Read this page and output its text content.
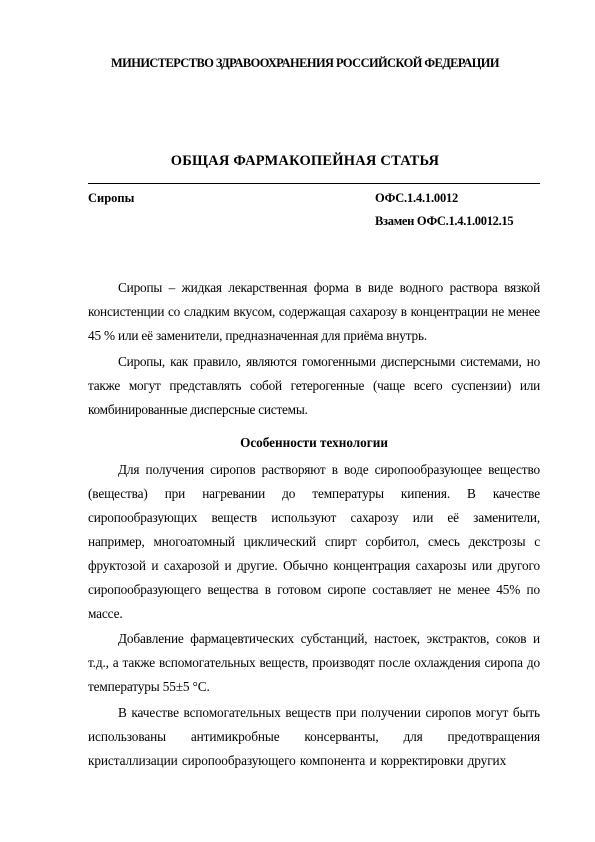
МИНИСТЕРСТВО ЗДРАВООХРАНЕНИЯ РОССИЙСКОЙ ФЕДЕРАЦИИ
ОБЩАЯ ФАРМАКОПЕЙНАЯ СТАТЬЯ
Сиропы	ОФС.1.4.1.0012
Взамен ОФС.1.4.1.0012.15
Сиропы – жидкая лекарственная форма в виде водного раствора вязкой консистенции со сладким вкусом, содержащая сахарозу в концентрации не менее 45 % или её заменители, предназначенная для приёма внутрь.
Сиропы, как правило, являются гомогенными дисперсными системами, но также могут представлять собой гетерогенные (чаще всего суспензии) или комбинированные дисперсные системы.
Особенности технологии
Для получения сиропов растворяют в воде сиропообразующее вещество (вещества) при нагревании до температуры кипения. В качестве сиропообразующих веществ используют сахарозу или её заменители, например, многоатомный циклический спирт сорбитол, смесь декстрозы с фруктозой и сахарозой и другие. Обычно концентрация сахарозы или другого сиропообразующего вещества в готовом сиропе составляет не менее 45% по массе.
Добавление фармацевтических субстанций, настоек, экстрактов, соков и т.д., а также вспомогательных веществ, производят после охлаждения сиропа до температуры 55±5 °С.
В качестве вспомогательных веществ при получении сиропов могут быть использованы антимикробные консерванты, для предотвращения кристаллизации сиропообразующего компонента и корректировки других
